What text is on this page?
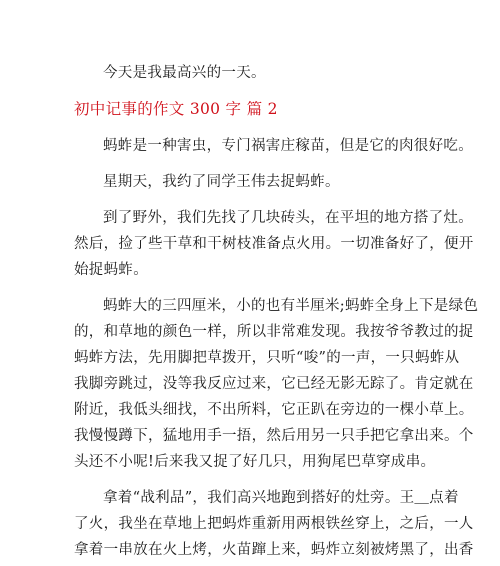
今天是我最高兴的一天。
初中记事的作文 300 字 篇 2
蚂蚱是一种害虫，专门祸害庄稼苗，但是它的肉很好吃。
星期天，我约了同学王伟去捉蚂蚱。
到了野外，我们先找了几块砖头，在平坦的地方搭了灶。
然后，捡了些干草和干树枝准备点火用。一切准备好了，便开
始捉蚂蚱。
蚂蚱大的三四厘米，小的也有半厘米;蚂蚱全身上下是绿色
的，和草地的颜色一样，所以非常难发现。我按爷爷教过的捉
蚂蚱方法，先用脚把草拨开，只听“唆”的一声，一只蚂蚱从
我脚旁跳过，没等我反应过来，它已经无影无踪了。肯定就在
附近，我低头细找，不出所料，它正趴在旁边的一棵小草上。
我慢慢蹲下，猛地用手一捂，然后用另一只手把它拿出来。个
头还不小呢!后来我又捉了好几只，用狗尾巴草穿成串。
拿着“战利品”，我们高兴地跑到搭好的灶旁。王＿点着
了火，我坐在草地上把蚂炸重新用两根铁丝穿上，之后，一人
拿着一串放在火上烤，火苗蹿上来，蚂炸立刻被烤黑了，出香
